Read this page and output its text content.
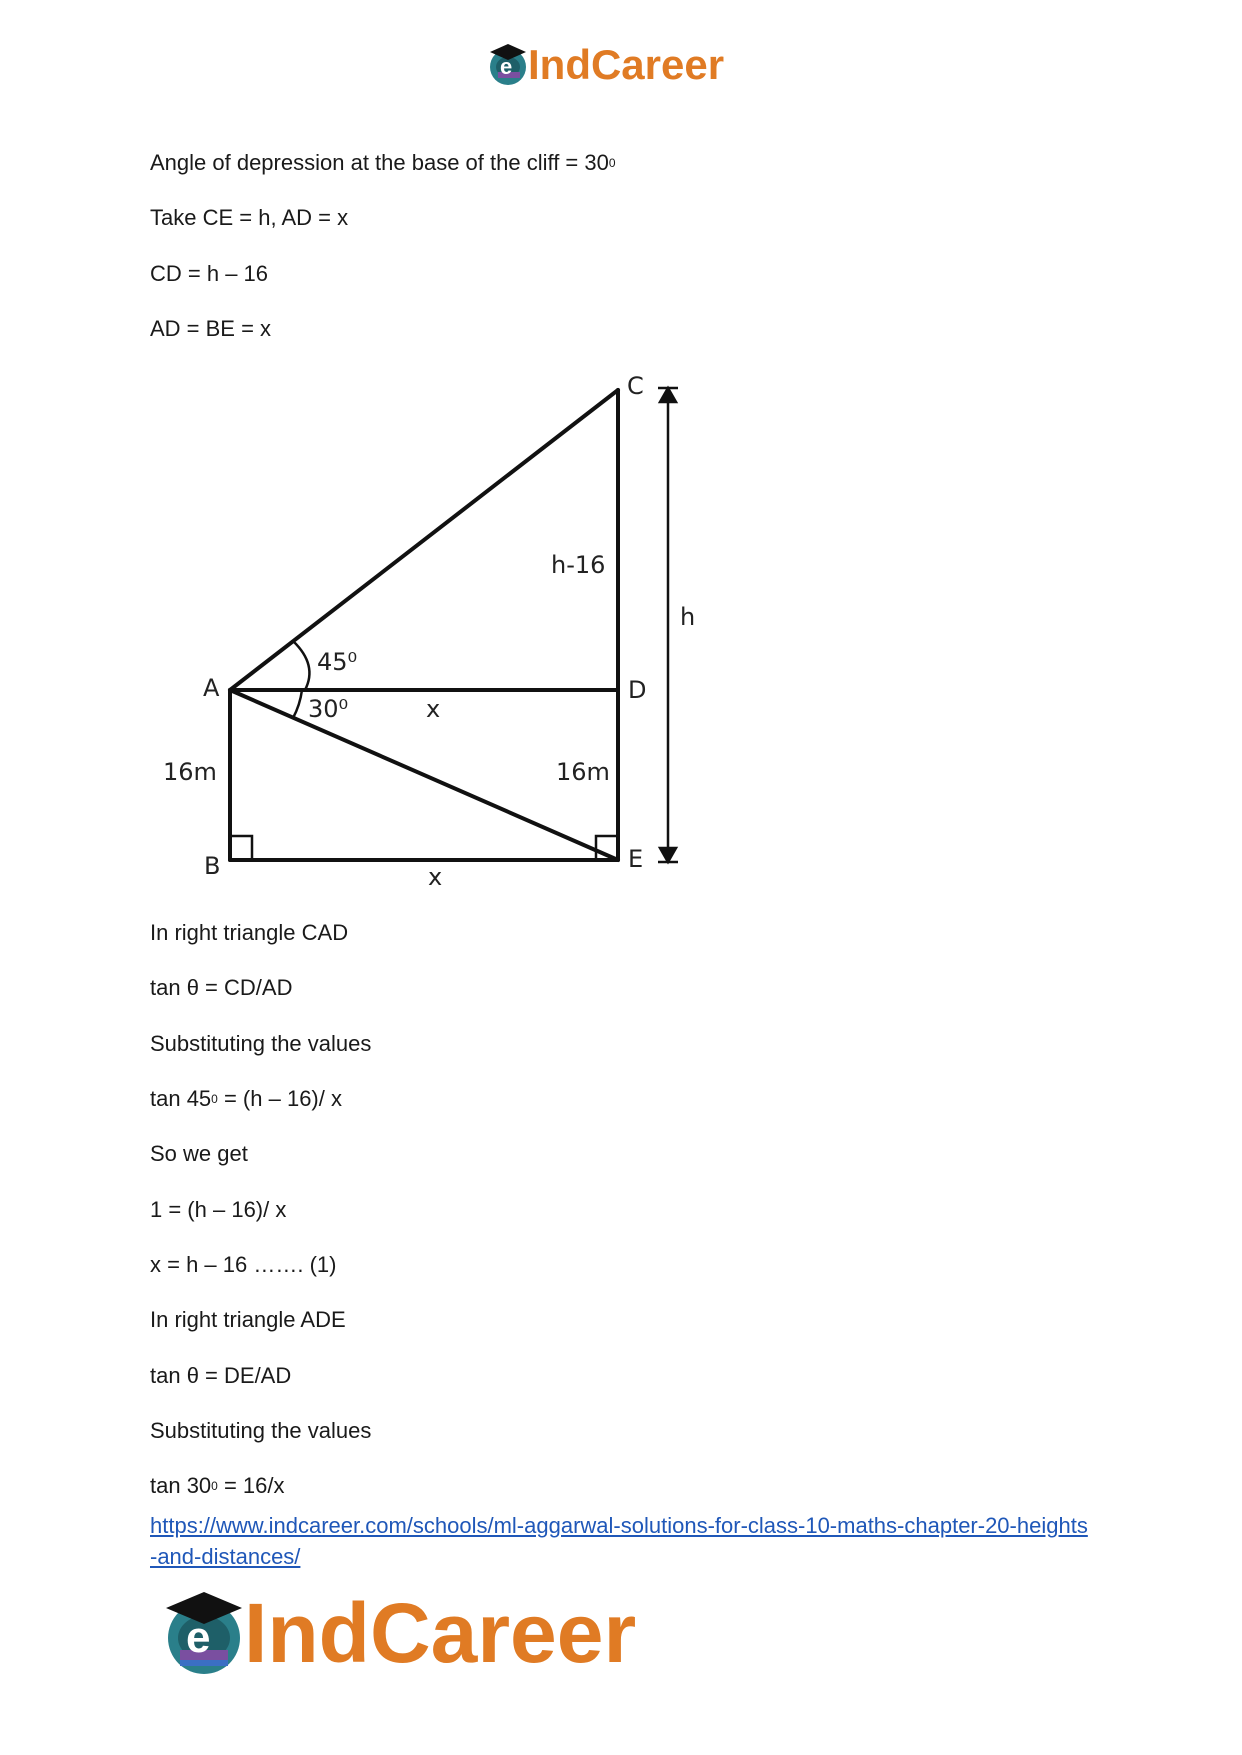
e IndCareer
Angle of depression at the base of the cliff = $30^0$
Take CE = h, AD = x
CD = h – 16
AD = BE = x
C
A	D
B	E
h-16
h
45⁰
30⁰	x
x
16m	16m
In right triangle CAD
tan θ = CD/AD
Substituting the values
$\tan 45^0 = (h - 16)/$ x
So we get
1 = (h – 16)/ x
x = h – 16 ……. (1)
In right triangle ADE
tan θ = DE/AD
Substituting the values
$\tan 30^0 = 16/x$
https://www.indcareer.com/schools/ml-aggarwal-solutions-for-class-10-maths-chapter-20-heights-and-distances/
e IndCareer
